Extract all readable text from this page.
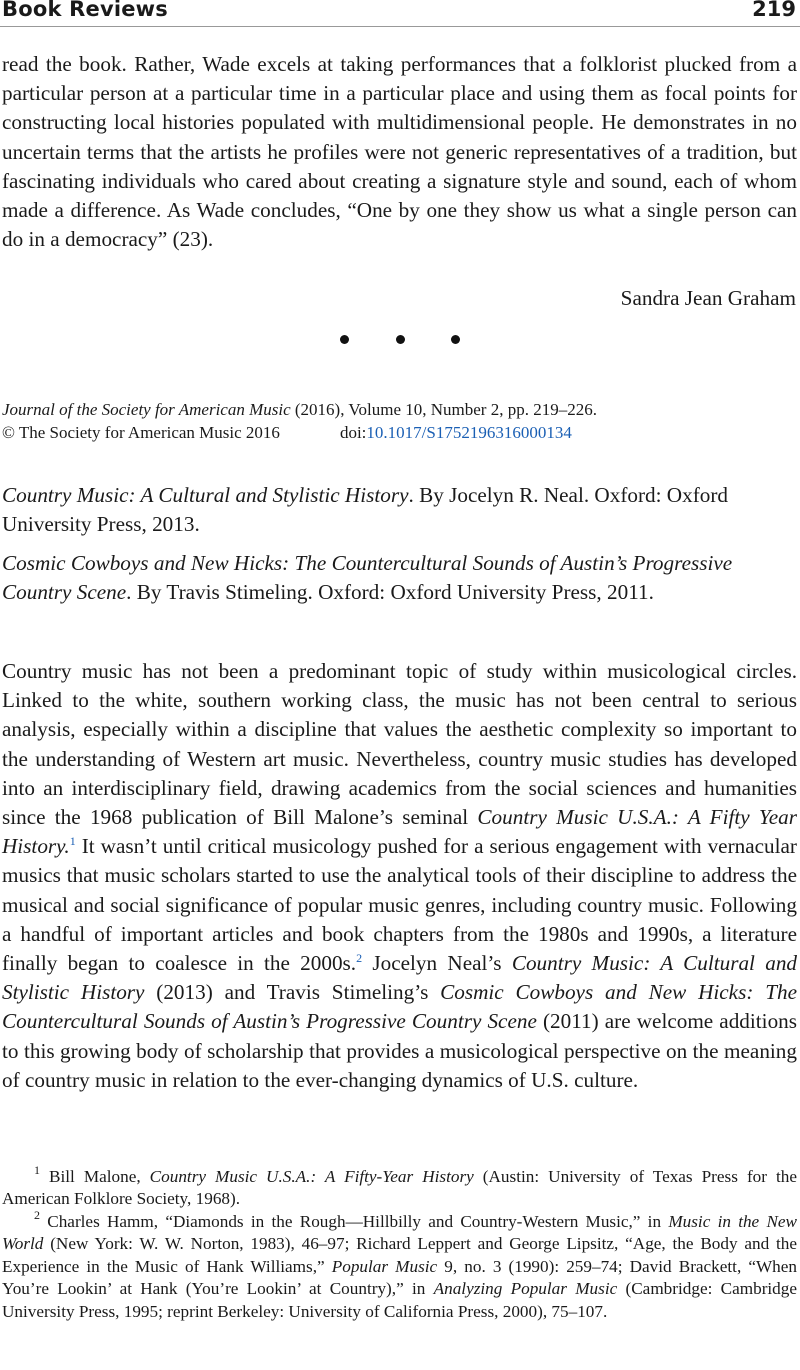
Book Reviews	219
read the book. Rather, Wade excels at taking performances that a folklorist plucked from a particular person at a particular time in a particular place and using them as focal points for constructing local histories populated with multidimensional people. He demonstrates in no uncertain terms that the artists he profiles were not generic representatives of a tradition, but fascinating individuals who cared about creating a signature style and sound, each of whom made a difference. As Wade concludes, “One by one they show us what a single person can do in a democracy” (23).
Sandra Jean Graham
Journal of the Society for American Music (2016), Volume 10, Number 2, pp. 219–226.
© The Society for American Music 2016	doi:10.1017/S1752196316000134
Country Music: A Cultural and Stylistic History. By Jocelyn R. Neal. Oxford: Oxford University Press, 2013.
Cosmic Cowboys and New Hicks: The Countercultural Sounds of Austin’s Progressive Country Scene. By Travis Stimeling. Oxford: Oxford University Press, 2011.
Country music has not been a predominant topic of study within musicological circles. Linked to the white, southern working class, the music has not been central to serious analysis, especially within a discipline that values the aesthetic complexity so important to the understanding of Western art music. Nevertheless, country music studies has developed into an interdisciplinary field, drawing academics from the social sciences and humanities since the 1968 publication of Bill Malone’s seminal Country Music U.S.A.: A Fifty Year History.$^1$ It wasn’t until critical musicology pushed for a serious engagement with vernacular musics that music scholars started to use the analytical tools of their discipline to address the musical and social significance of popular music genres, including country music. Following a handful of important articles and book chapters from the 1980s and 1990s, a literature finally began to coalesce in the 2000s.$^2$ Jocelyn Neal’s Country Music: A Cultural and Stylistic History (2013) and Travis Stimeling’s Cosmic Cowboys and New Hicks: The Countercultural Sounds of Austin’s Progressive Country Scene (2011) are welcome additions to this growing body of scholarship that provides a musicological perspective on the meaning of country music in relation to the ever-changing dynamics of U.S. culture.
$^1$ Bill Malone, Country Music U.S.A.: A Fifty-Year History (Austin: University of Texas Press for the American Folklore Society, 1968).
$^2$ Charles Hamm, “Diamonds in the Rough—Hillbilly and Country-Western Music,” in Music in the New World (New York: W. W. Norton, 1983), 46–97; Richard Leppert and George Lipsitz, “Age, the Body and the Experience in the Music of Hank Williams,” Popular Music 9, no. 3 (1990): 259–74; David Brackett, “When You’re Lookin’ at Hank (You’re Lookin’ at Country),” in Analyzing Popular Music (Cambridge: Cambridge University Press, 1995; reprint Berkeley: University of California Press, 2000), 75–107.
